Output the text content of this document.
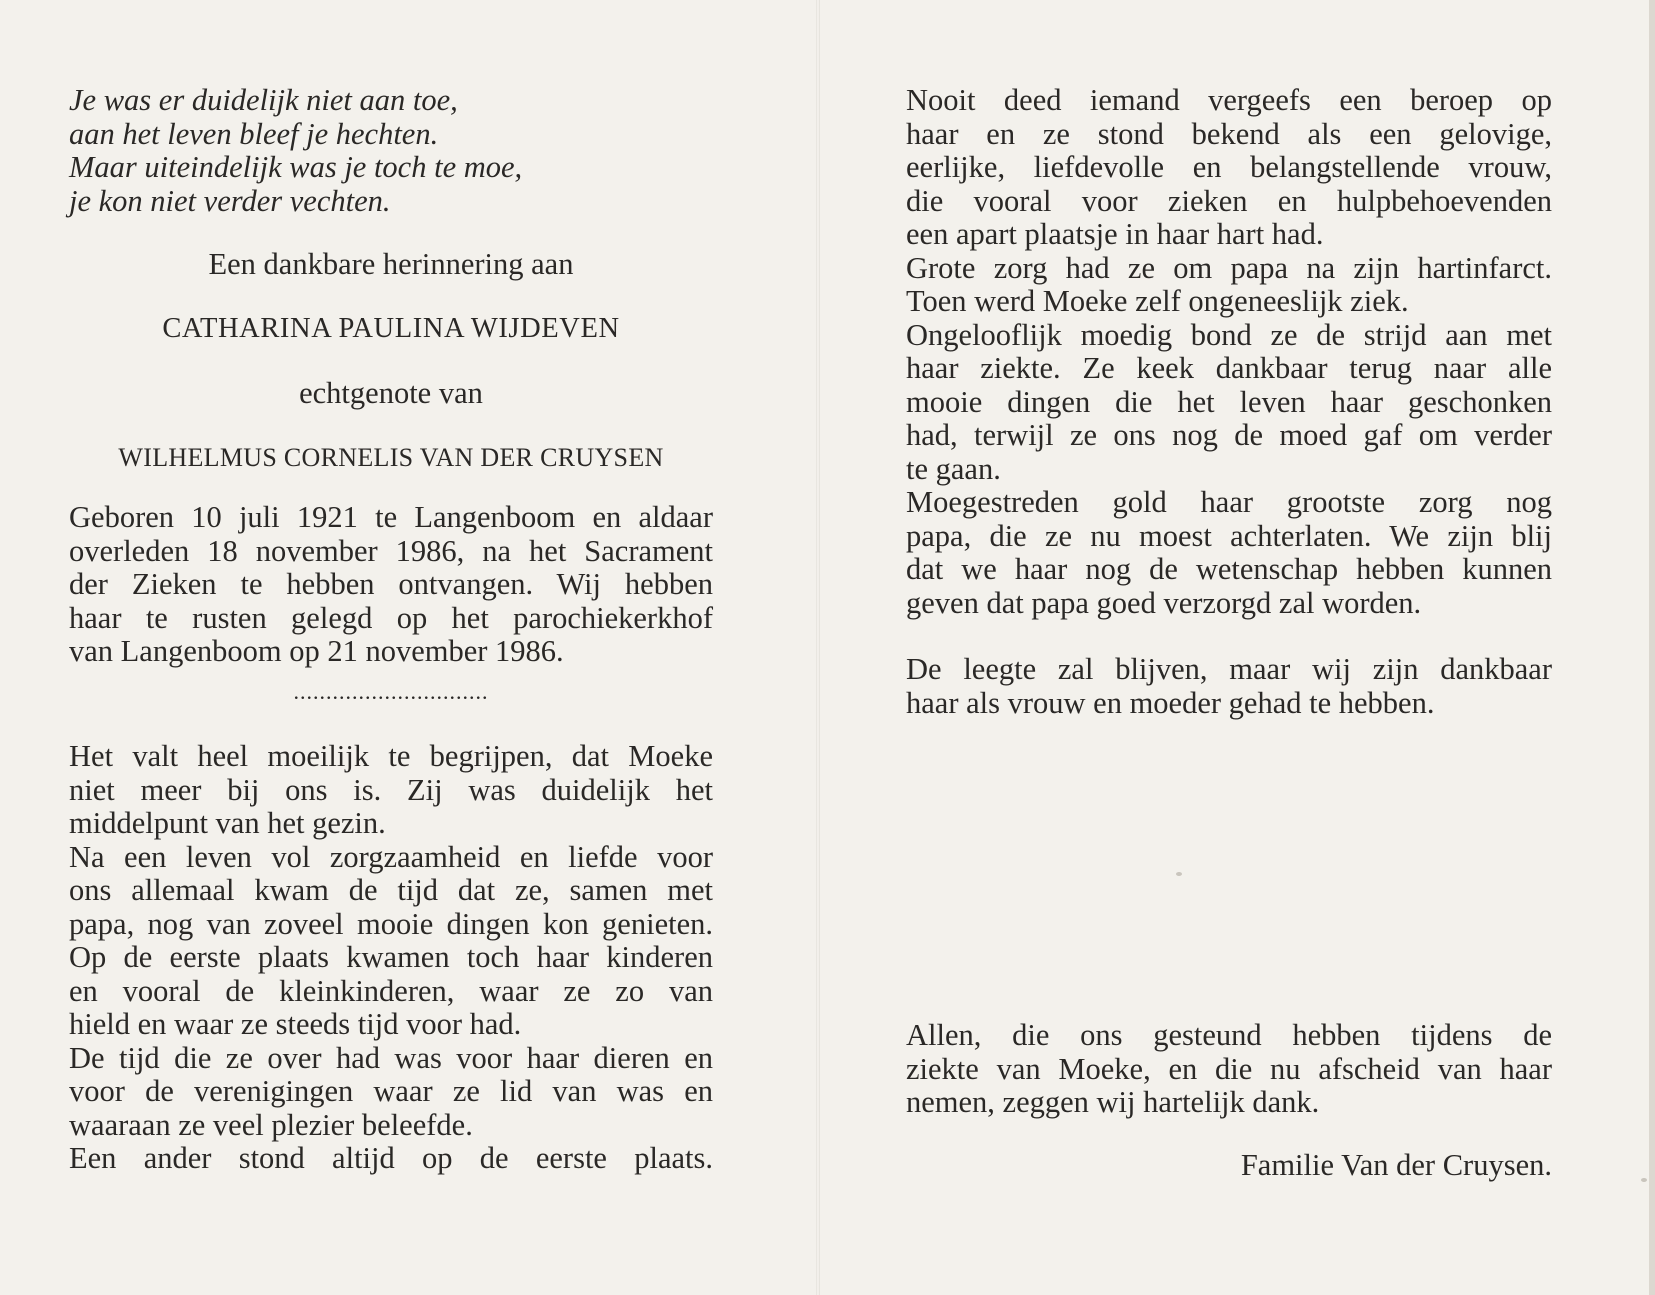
Je was er duidelijk niet aan toe,
aan het leven bleef je hechten.
Maar uiteindelijk was je toch te moe,
je kon niet verder vechten.
Een dankbare herinnering aan
CATHARINA PAULINA WIJDEVEN
echtgenote van
WILHELMUS CORNELIS VAN DER CRUYSEN
Geboren 10 juli 1921 te Langenboom en aldaar
overleden 18 november 1986, na het Sacrament
der Zieken te hebben ontvangen. Wij hebben
haar te rusten gelegd op het parochiekerkhof
van Langenboom op 21 november 1986.
..............................
Het valt heel moeilijk te begrijpen, dat Moeke
niet meer bij ons is. Zij was duidelijk het
middelpunt van het gezin.
Na een leven vol zorgzaamheid en liefde voor
ons allemaal kwam de tijd dat ze, samen met
papa, nog van zoveel mooie dingen kon genieten.
Op de eerste plaats kwamen toch haar kinderen
en vooral de kleinkinderen, waar ze zo van
hield en waar ze steeds tijd voor had.
De tijd die ze over had was voor haar dieren en
voor de verenigingen waar ze lid van was en
waaraan ze veel plezier beleefde.
Een ander stond altijd op de eerste plaats.
Nooit deed iemand vergeefs een beroep op
haar en ze stond bekend als een gelovige,
eerlijke, liefdevolle en belangstellende vrouw,
die vooral voor zieken en hulpbehoevenden
een apart plaatsje in haar hart had.
Grote zorg had ze om papa na zijn hartinfarct.
Toen werd Moeke zelf ongeneeslijk ziek.
Ongelooflijk moedig bond ze de strijd aan met
haar ziekte. Ze keek dankbaar terug naar alle
mooie dingen die het leven haar geschonken
had, terwijl ze ons nog de moed gaf om verder
te gaan.
Moegestreden gold haar grootste zorg nog
papa, die ze nu moest achterlaten. We zijn blij
dat we haar nog de wetenschap hebben kunnen
geven dat papa goed verzorgd zal worden.
De leegte zal blijven, maar wij zijn dankbaar
haar als vrouw en moeder gehad te hebben.
Allen, die ons gesteund hebben tijdens de
ziekte van Moeke, en die nu afscheid van haar
nemen, zeggen wij hartelijk dank.
Familie Van der Cruysen.
